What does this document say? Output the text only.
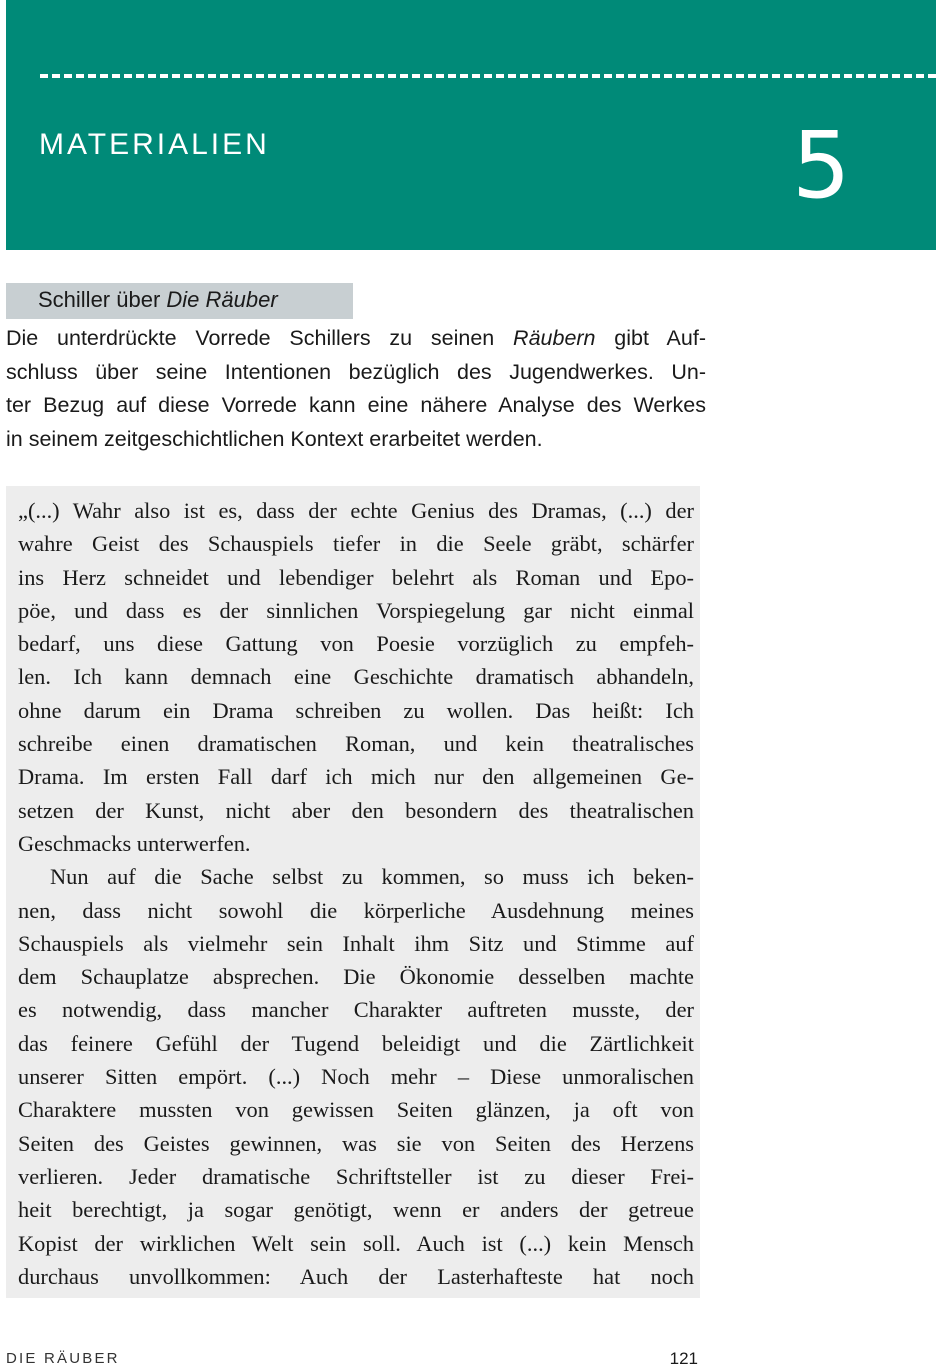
MATERIALIEN	5
Schiller über Die Räuber
Die unterdrückte Vorrede Schillers zu seinen Räubern gibt Auf-
schluss über seine Intentionen bezüglich des Jugendwerkes. Un-
ter Bezug auf diese Vorrede kann eine nähere Analyse des Werkes
in seinem zeitgeschichtlichen Kontext erarbeitet werden.
„(...) Wahr also ist es, dass der echte Genius des Dramas, (...) der
wahre Geist des Schauspiels tiefer in die Seele gräbt, schärfer
ins Herz schneidet und lebendiger belehrt als Roman und Epo-
pöe, und dass es der sinnlichen Vorspiegelung gar nicht einmal
bedarf, uns diese Gattung von Poesie vorzüglich zu empfeh-
len. Ich kann demnach eine Geschichte dramatisch abhandeln,
ohne darum ein Drama schreiben zu wollen. Das heißt: Ich
schreibe einen dramatischen Roman, und kein theatralisches
Drama. Im ersten Fall darf ich mich nur den allgemeinen Ge-
setzen der Kunst, nicht aber den besondern des theatralischen
Geschmacks unterwerfen.
Nun auf die Sache selbst zu kommen, so muss ich beken-
nen, dass nicht sowohl die körperliche Ausdehnung meines
Schauspiels als vielmehr sein Inhalt ihm Sitz und Stimme auf
dem Schauplatze absprechen. Die Ökonomie desselben machte
es notwendig, dass mancher Charakter auftreten musste, der
das feinere Gefühl der Tugend beleidigt und die Zärtlichkeit
unserer Sitten empört. (...) Noch mehr – Diese unmoralischen
Charaktere mussten von gewissen Seiten glänzen, ja oft von
Seiten des Geistes gewinnen, was sie von Seiten des Herzens
verlieren. Jeder dramatische Schriftsteller ist zu dieser Frei-
heit berechtigt, ja sogar genötigt, wenn er anders der getreue
Kopist der wirklichen Welt sein soll. Auch ist (...) kein Mensch
durchaus unvollkommen: Auch der Lasterhafteste hat noch
DIE RÄUBER	121
